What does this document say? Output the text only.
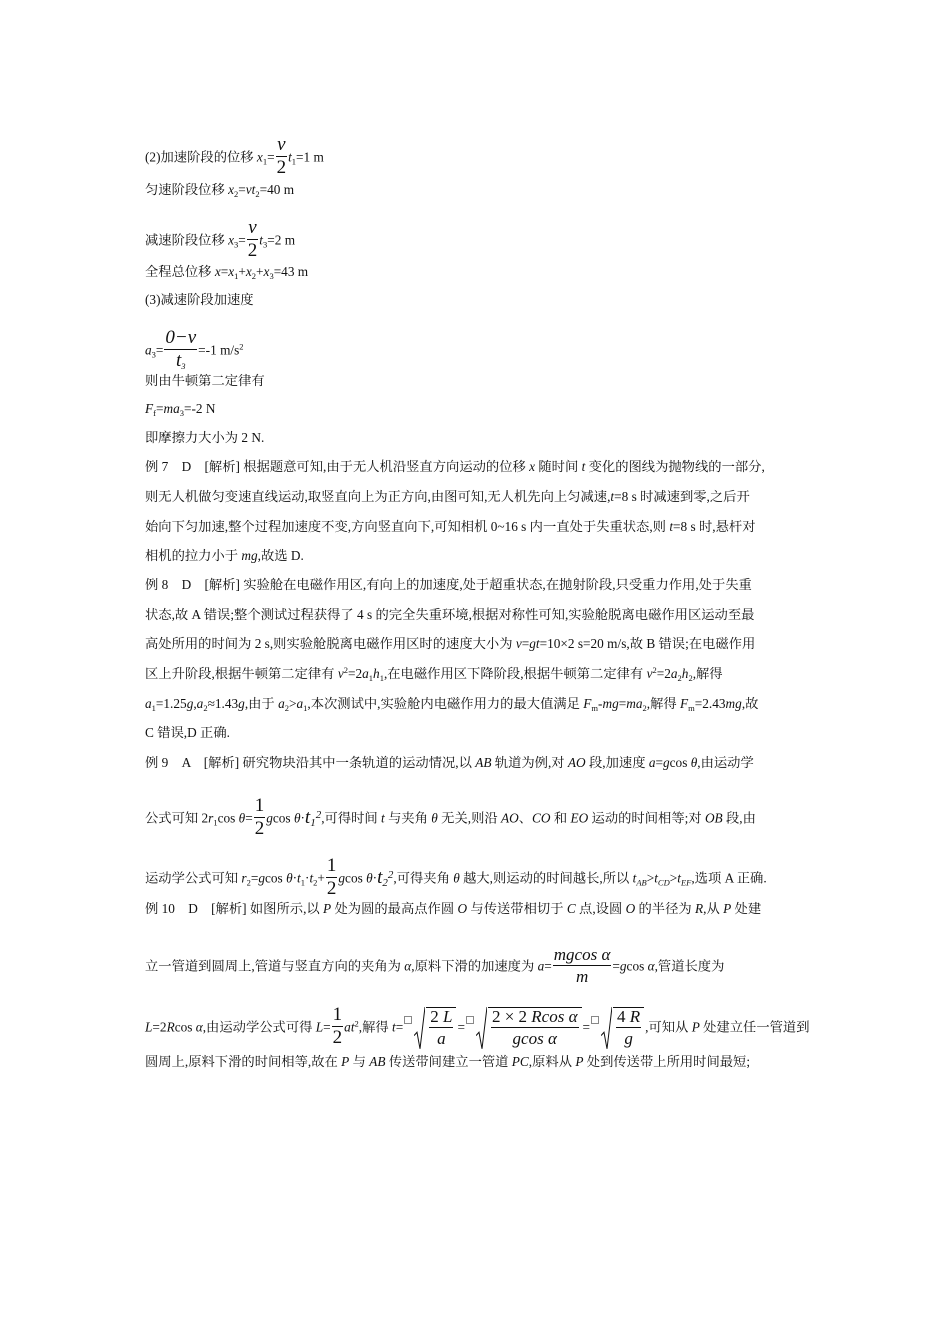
(2)加速阶段的位移 $x_1= \frac{v}{2} t_1=1$ m
匀速阶段位移 $x_2=vt_2=40$ m
减速阶段位移 $x_3= \frac{v}{2} t_3=2$ m
全程总位移 $x=x_1+x_2+x_3=43$ m
(3)减速阶段加速度
$a_3= \frac{0-v}{t_3} =-1$ $m/s^2$
则由牛顿第二定律有
$F_f=ma_3=-2$ N
即摩擦力大小为 2 N.
例 7　D　[解析] 根据题意可知,由于无人机沿竖直方向运动的位移 x 随时间 t 变化的图线为抛物线的一部分,
则无人机做匀变速直线运动,取竖直向上为正方向,由图可知,无人机先向上匀减速,t=8 s 时减速到零,之后开
始向下匀加速,整个过程加速度不变,方向竖直向下,可知相机 0~16 s 内一直处于失重状态,则 t=8 s 时,悬杆对
相机的拉力小于 mg,故选 D.
例 8　D　[解析] 实验舱在电磁作用区,有向上的加速度,处于超重状态,在抛射阶段,只受重力作用,处于失重
状态,故 A 错误;整个测试过程获得了 4 s 的完全失重环境,根据对称性可知,实验舱脱离电磁作用区运动至最
高处所用的时间为 2 s,则实验舱脱离电磁作用区时的速度大小为 v=gt=10×2 s=20 m/s,故 B 错误;在电磁作用
区上升阶段,根据牛顿第二定律有 $v^2=2a_1h_1$,在电磁作用区下降阶段,根据牛顿第二定律有 $v^2=2a_2h_2$,解得
$a_1=1.25g,a_2\approx 1.43g$,由于 $a_2>a_1$,本次测试中,实验舱内电磁作用力的最大值满足 $F_m-mg=ma_2$,解得 $F_m=2.43mg$,故
C 错误,D 正确.
例 9　A　[解析] 研究物块沿其中一条轨道的运动情况,以 AB 轨道为例,对 AO 段,加速度 a=gcos θ,由运动学
公式可知 $2r_1\cos$ $\theta= \frac{1}{2}$ gcos $\theta\cdot t_1^2$,可得时间 t 与夹角 θ 无关,则沿 AO、CO 和 EO 运动的时间相等;对 OB 段,由
运动学公式可知 $r_2=gcos$ $\theta\cdot t_1\cdot t_2+ \frac{1}{2}$ gcos $\theta\cdot t_2^2$,可得夹角 θ 越大,则运动的时间越长,所以 $t_{AB}>t_{CD}>t_{EF}$,选项 A 正确.
例 10　D　[解析] 如图所示,以 P 处为圆的最高点作圆 O 与传送带相切于 C 点,设圆 O 的半径为 R,从 P 处建
立一管道到圆周上,管道与竖直方向的夹角为 α,原料下滑的加速度为 $a= \frac{\text{mgcos α}}{m} =gcos$ α,管道长度为
L=2Rcos α,由运动学公式可得 $L= \frac{1}{2} at^2$,解得 $t= \frac{2 L}{a} = \frac{\text{2 × 2 Rcos α}}{\text{gcos α}} = \frac{4 R}{g}$ ,可知从 P 处建立任一管道到
圆周上,原料下滑的时间相等,故在 P 与 AB 传送带间建立一管道 PC,原料从 P 处到传送带上所用时间最短;
